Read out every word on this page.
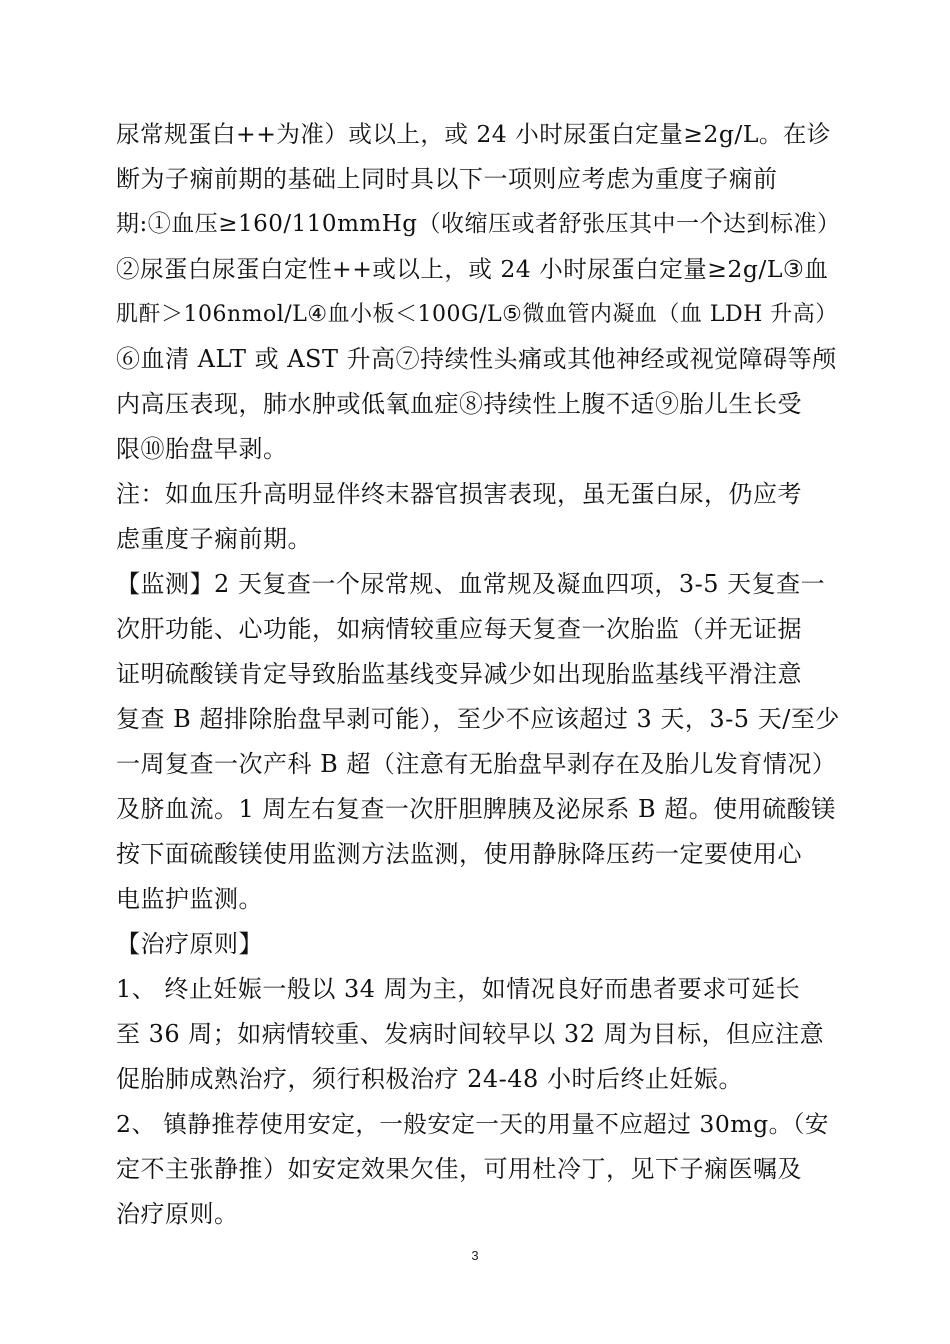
尿常规蛋白++为准）或以上，或 24 小时尿蛋白定量≥2g/L。在诊
断为子痫前期的基础上同时具以下一项则应考虑为重度子痫前
期:①血压≥160/110mmHg（收缩压或者舒张压其中一个达到标准）
②尿蛋白尿蛋白定性++或以上，或 24 小时尿蛋白定量≥2g/L③血
肌酐＞106nmol/L④血小板＜100G/L⑤微血管内凝血（血 LDH 升高）
⑥血清 ALT 或 AST 升高⑦持续性头痛或其他神经或视觉障碍等颅
内高压表现，肺水肿或低氧血症⑧持续性上腹不适⑨胎儿生长受
限⑩胎盘早剥。

注：如血压升高明显伴终末器官损害表现，虽无蛋白尿，仍应考
虑重度子痫前期。

【监测】2 天复查一个尿常规、血常规及凝血四项，3-5 天复查一
次肝功能、心功能，如病情较重应每天复查一次胎监（并无证据
证明硫酸镁肯定导致胎监基线变异减少如出现胎监基线平滑注意
复查 B 超排除胎盘早剥可能），至少不应该超过 3 天，3-5 天/至少
一周复查一次产科 B 超（注意有无胎盘早剥存在及胎儿发育情况）
及脐血流。1 周左右复查一次肝胆脾胰及泌尿系 B 超。使用硫酸镁
按下面硫酸镁使用监测方法监测，使用静脉降压药一定要使用心
电监护监测。

【治疗原则】

1、 终止妊娠一般以 34 周为主，如情况良好而患者要求可延长
至 36 周；如病情较重、发病时间较早以 32 周为目标，但应注意
促胎肺成熟治疗，须行积极治疗 24-48 小时后终止妊娠。

2、 镇静推荐使用安定，一般安定一天的用量不应超过 30mg。（安
定不主张静推）如安定效果欠佳，可用杜冷丁，见下子痫医嘱及
治疗原则。

3
